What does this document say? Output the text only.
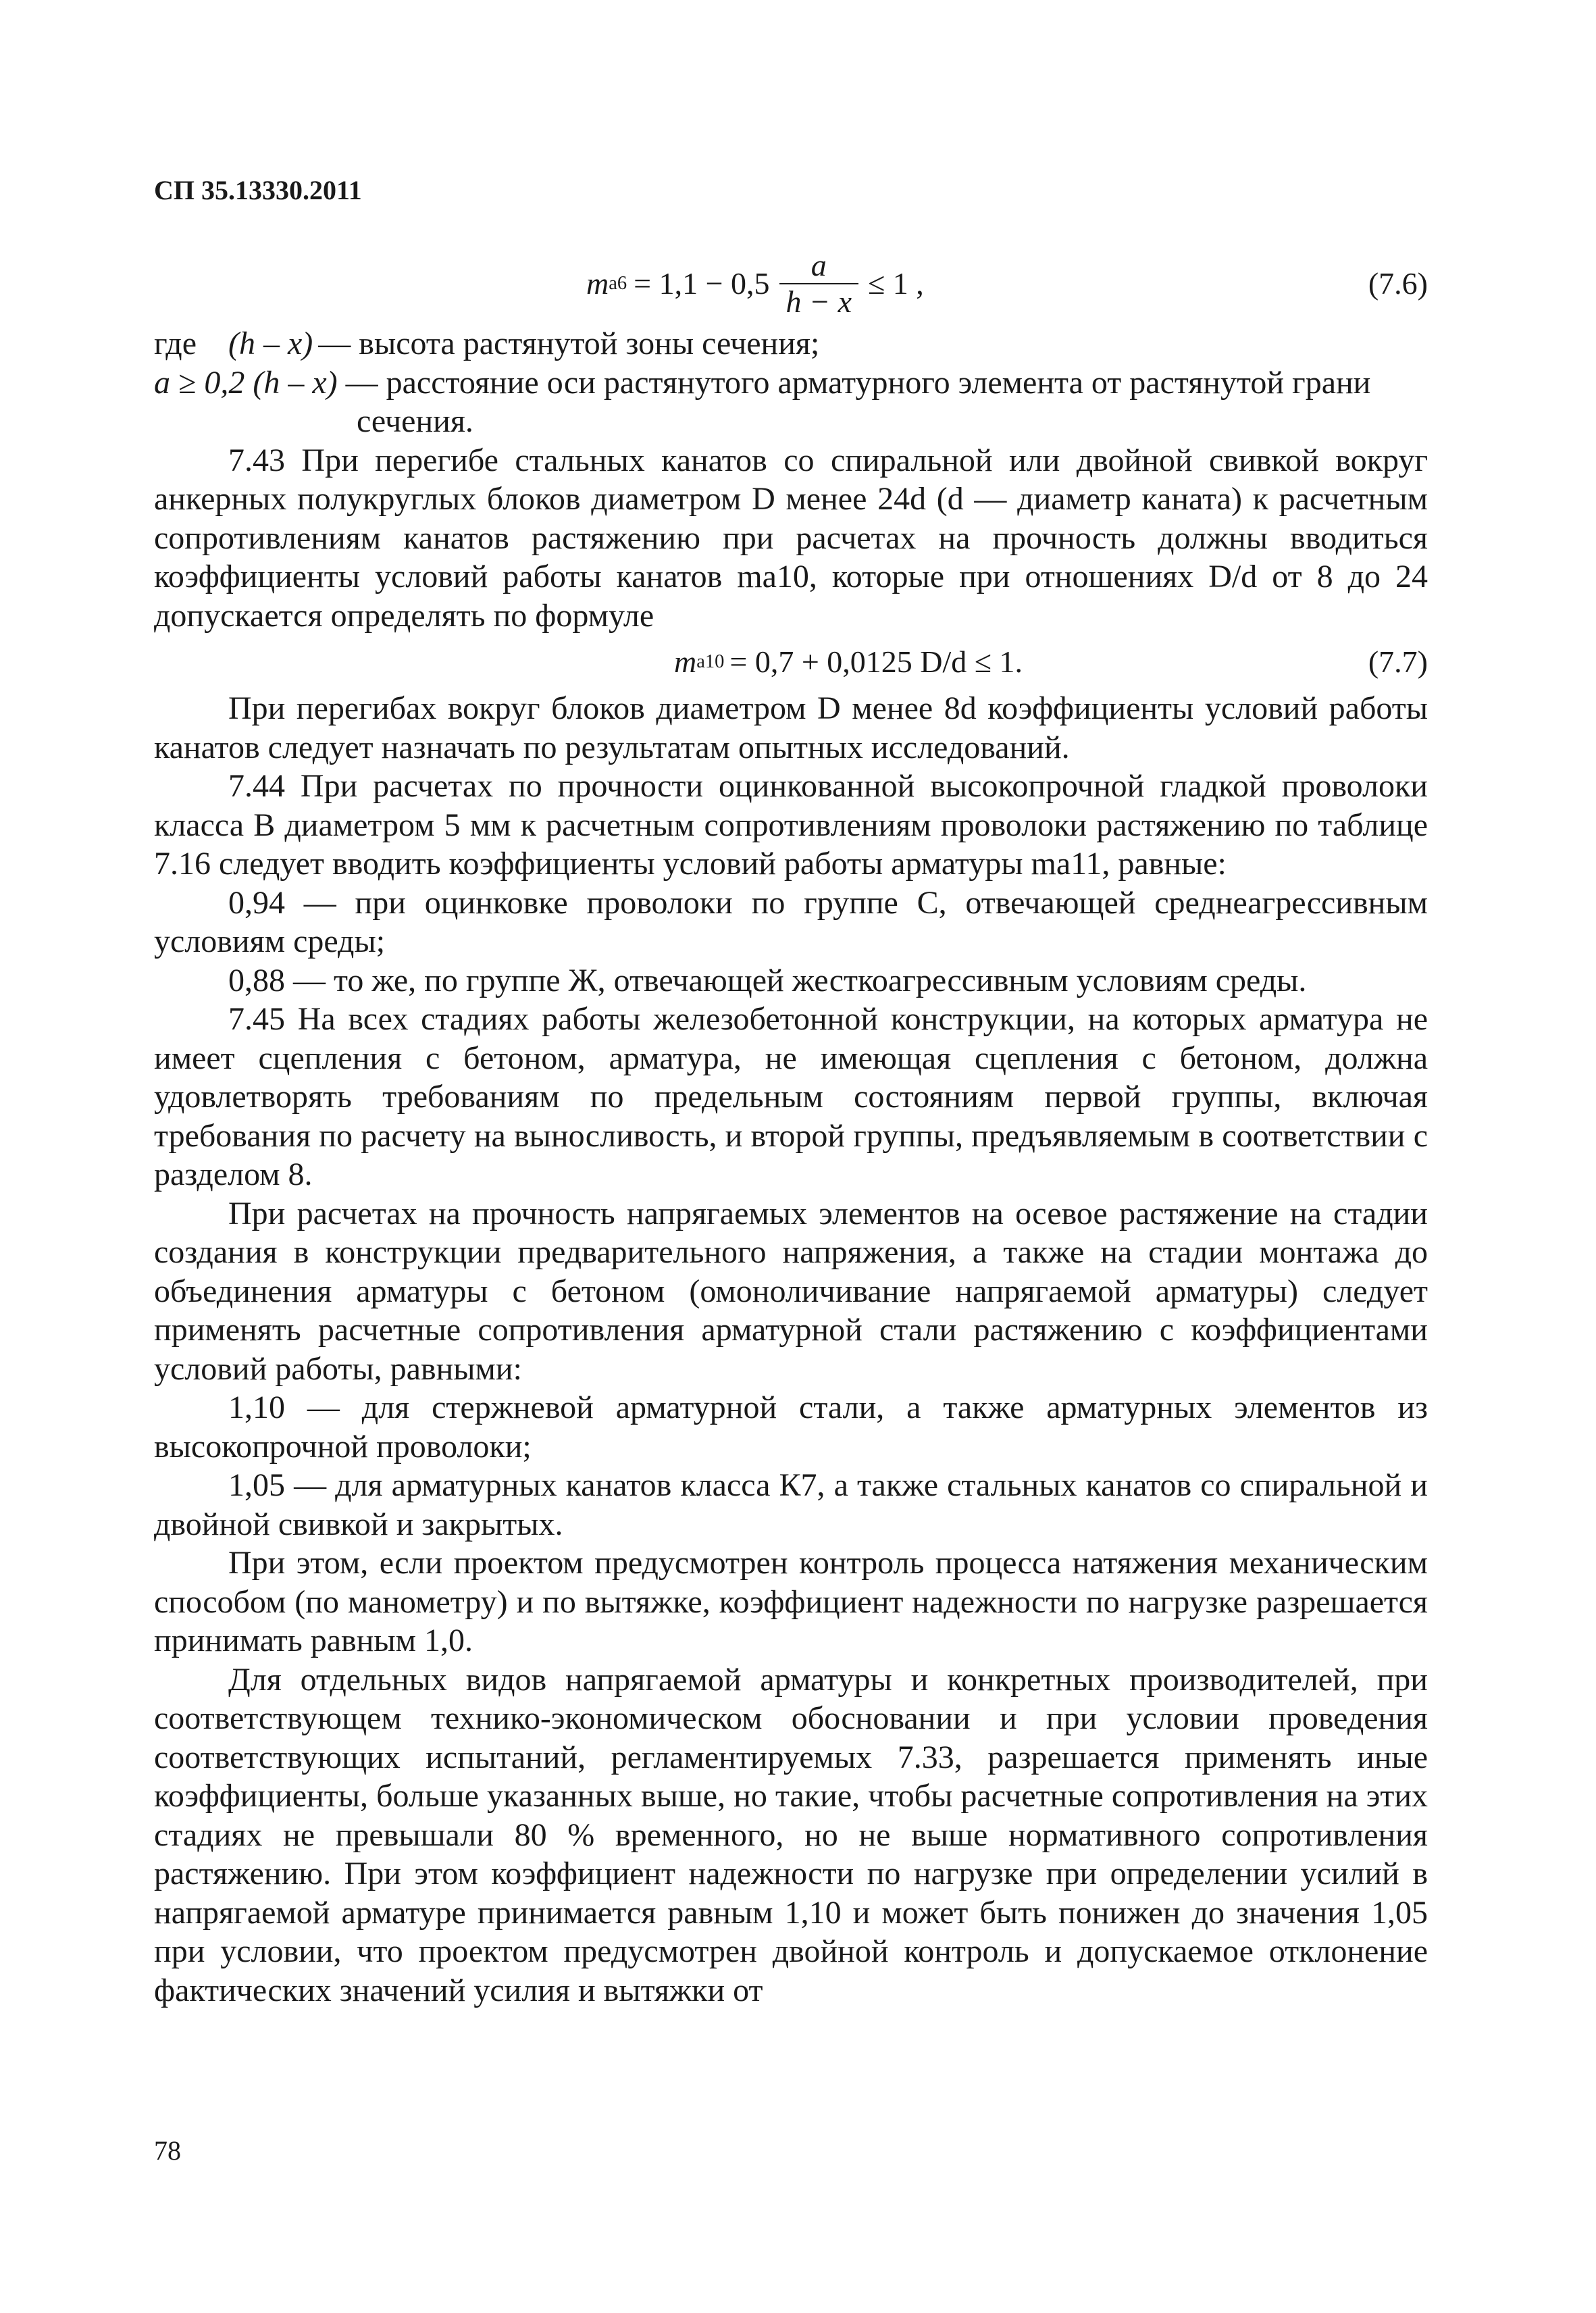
СП 35.13330.2011
m $a6 = 1,1 - 0,5 \frac{a}{h - x} \le 1$ ,	(7.6)
где (h – x) — высота растянутой зоны сечения;

a ≥ 0,2 (h – x) — расстояние оси растянутого арматурного элемента от растянутой грани

сечения.

7.43 При перегибе стальных канатов со спиральной или двойной свивкой вокруг анкерных полукруглых блоков диаметром D менее 24d (d — диаметр каната) к расчетным сопротивлениям канатов растяжению при расчетах на прочность должны вводиться коэффициенты условий работы канатов ma10, которые при отношениях D/d от 8 до 24 допускается определять по формуле

m a10 = 0,7 + 0,0125 D/d ≤ 1.	(7.7)

При перегибах вокруг блоков диаметром D менее 8d коэффициенты условий работы канатов следует назначать по результатам опытных исследований.

7.44 При расчетах по прочности оцинкованной высокопрочной гладкой проволоки класса В диаметром 5 мм к расчетным сопротивлениям проволоки растяжению по таблице 7.16 следует вводить коэффициенты условий работы арматуры ma11, равные:

0,94 — при оцинковке проволоки по группе С, отвечающей среднеагрессивным условиям среды;

0,88 — то же, по группе Ж, отвечающей жесткоагрессивным условиям среды.

7.45 На всех стадиях работы железобетонной конструкции, на которых арматура не имеет сцепления с бетоном, арматура, не имеющая сцепления с бетоном, должна удовлетворять требованиям по предельным состояниям первой группы, включая требования по расчету на выносливость, и второй группы, предъявляемым в соответствии с разделом 8.

При расчетах на прочность напрягаемых элементов на осевое растяжение на стадии создания в конструкции предварительного напряжения, а также на стадии монтажа до объединения арматуры с бетоном (омоноличивание напрягаемой арматуры) следует применять расчетные сопротивления арматурной стали растяжению с коэффициентами условий работы, равными:

1,10 — для стержневой арматурной стали, а также арматурных элементов из высокопрочной проволоки;

1,05 — для арматурных канатов класса К7, а также стальных канатов со спиральной и двойной свивкой и закрытых.

При этом, если проектом предусмотрен контроль процесса натяжения механическим способом (по манометру) и по вытяжке, коэффициент надежности по нагрузке разрешается принимать равным 1,0.

Для отдельных видов напрягаемой арматуры и конкретных производителей, при соответствующем технико-экономическом обосновании и при условии проведения соответствующих испытаний, регламентируемых 7.33, разрешается применять иные коэффициенты, больше указанных выше, но такие, чтобы расчетные сопротивления на этих стадиях не превышали 80 % временного, но не выше нормативного сопротивления растяжению. При этом коэффициент надежности по нагрузке при определении усилий в напрягаемой арматуре принимается равным 1,10 и может быть понижен до значения 1,05 при условии, что проектом предусмотрен двойной контроль и допускаемое отклонение фактических значений усилия и вытяжки от

78
